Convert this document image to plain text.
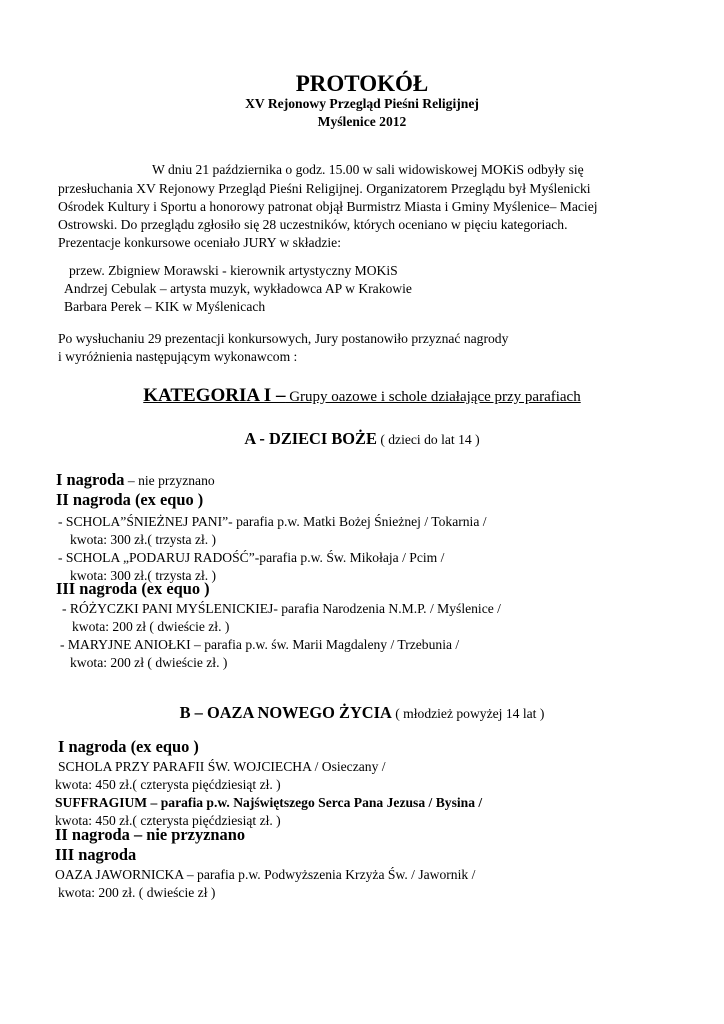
PROTOKÓŁ
XV Rejonowy Przegląd Pieśni Religijnej
Myślenice 2012
W dniu 21 października o godz. 15.00 w sali widowiskowej MOKiS odbyły się
przesłuchania XV Rejonowy Przegląd Pieśni Religijnej. Organizatorem Przeglądu był Myślenicki
Ośrodek Kultury i Sportu a honorowy patronat objął Burmistrz Miasta i Gminy Myślenice– Maciej
Ostrowski. Do przeglądu zgłosiło się 28 uczestników, których oceniano w pięciu kategoriach.
Prezentacje konkursowe oceniało JURY w składzie:
przew. Zbigniew Morawski - kierownik artystyczny MOKiS
Andrzej Cebulak – artysta muzyk, wykładowca AP w Krakowie
Barbara Perek – KIK w Myślenicach
Po wysłuchaniu 29 prezentacji konkursowych, Jury postanowiło przyznać nagrody
i wyróżnienia następującym wykonawcom :
KATEGORIA I – Grupy oazowe i schole działające przy parafiach
A - DZIECI BOŻE ( dzieci do lat 14 )
I nagroda – nie przyznano
II nagroda (ex equo )
- SCHOLA”ŚNIEŻNEJ PANI”- parafia p.w. Matki Bożej Śnieżnej / Tokarnia /
kwota: 300 zł.( trzysta zł. )
- SCHOLA „PODARUJ RADOŚĆ”-parafia p.w. Św. Mikołaja / Pcim /
kwota: 300 zł.( trzysta zł. )
III nagroda (ex equo )
- RÓŻYCZKI PANI MYŚLENICKIEJ- parafia Narodzenia N.M.P. / Myślenice /
kwota: 200 zł ( dwieście zł. )
- MARYJNE ANIOŁKI – parafia p.w. św. Marii Magdaleny / Trzebunia /
kwota: 200 zł ( dwieście zł. )
B – OAZA NOWEGO ŻYCIA ( młodzież powyżej 14 lat )
I nagroda (ex equo )
SCHOLA PRZY PARAFII ŚW. WOJCIECHA / Osieczany /
kwota: 450 zł.( czterysta pięćdziesiąt zł. )
SUFFRAGIUM – parafia p.w. Najświętszego Serca Pana Jezusa / Bysina /
kwota: 450 zł.( czterysta pięćdziesiąt zł. )
II nagroda – nie przyznano
III nagroda
OAZA JAWORNICKA – parafia p.w. Podwyższenia Krzyża Św. / Jawornik /
kwota: 200 zł. ( dwieście zł )
